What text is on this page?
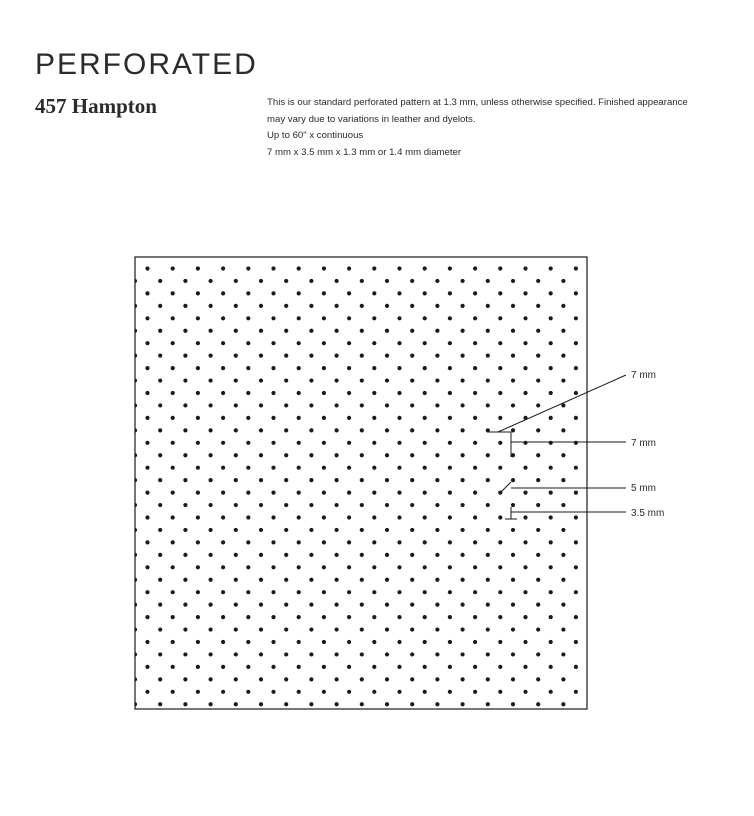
PERFORATED
457 Hampton	This is our standard perforated pattern at 1.3 mm, unless otherwise specified. Finished appearance may vary due to variations in leather and dyelots.

Up to 60" x continuous

7 mm x 3.5 mm x 1.3 mm or 1.4 mm diameter

7 mm
7 mm
5 mm
3.5 mm
